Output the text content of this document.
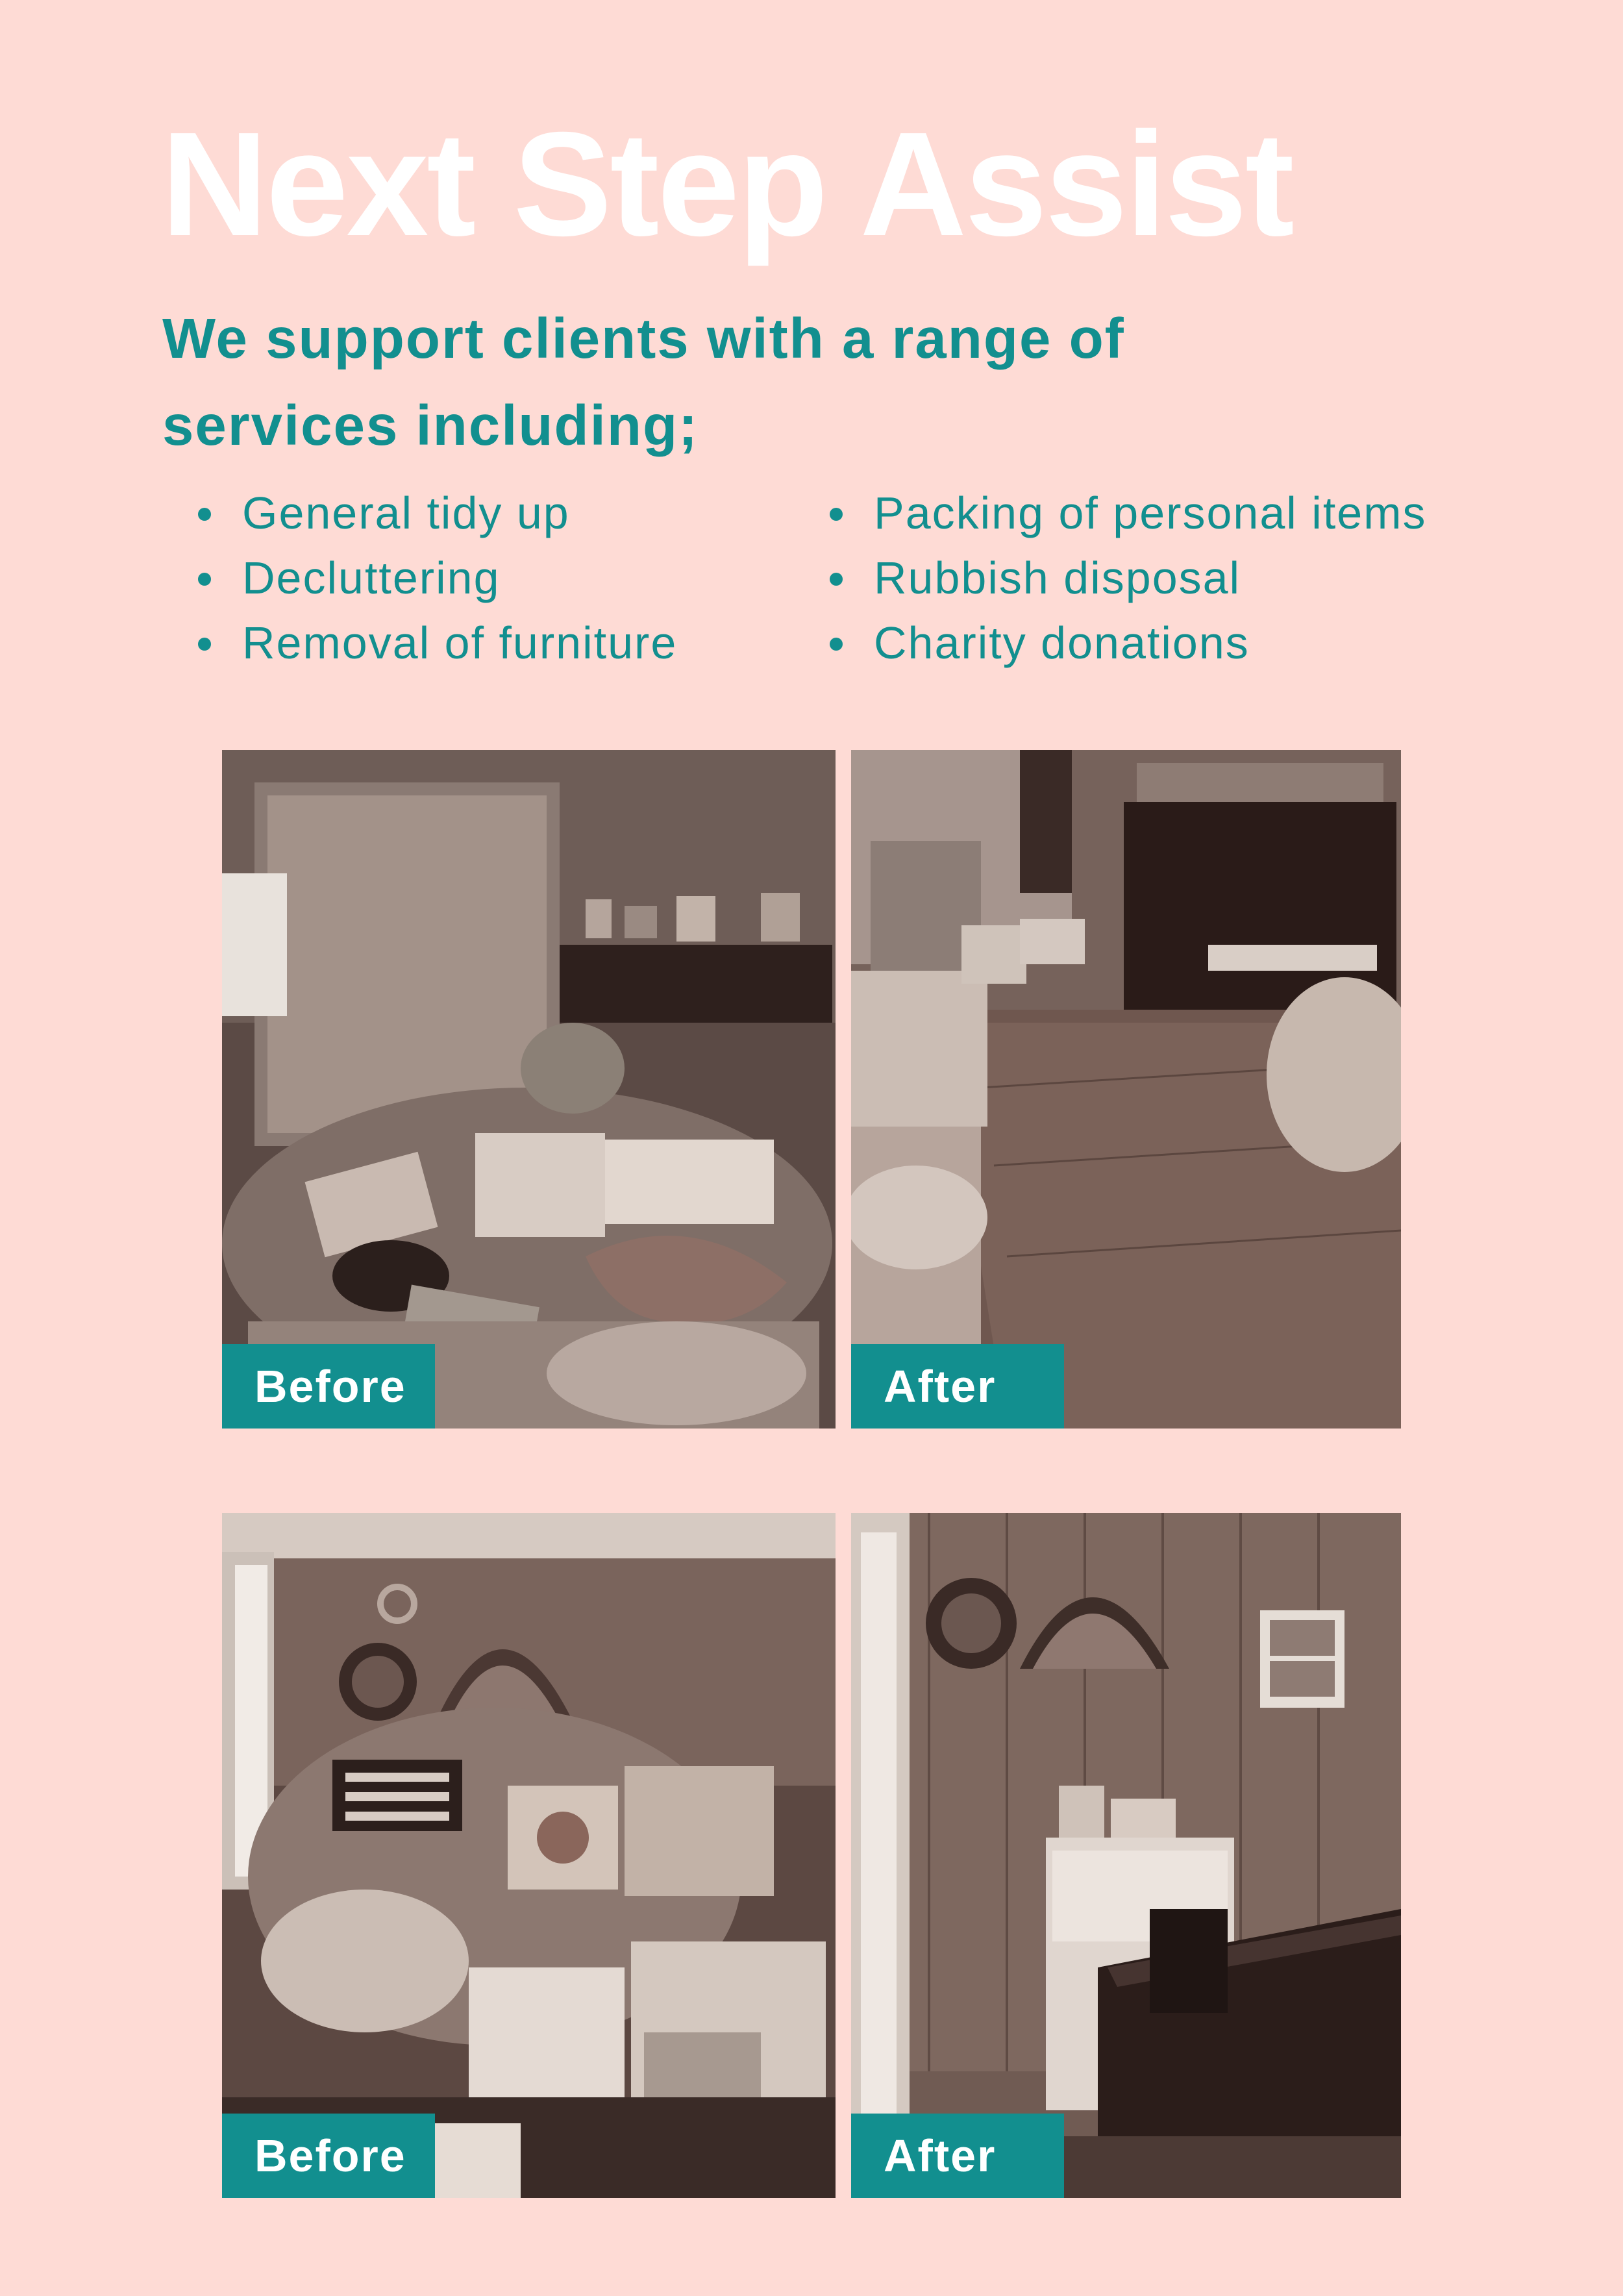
Next Step Assist

We support clients with a range of services including;

General tidy up
Decluttering
Removal of furniture
Packing of personal items
Rubbish disposal
Charity donations
Before	After
Before	After
